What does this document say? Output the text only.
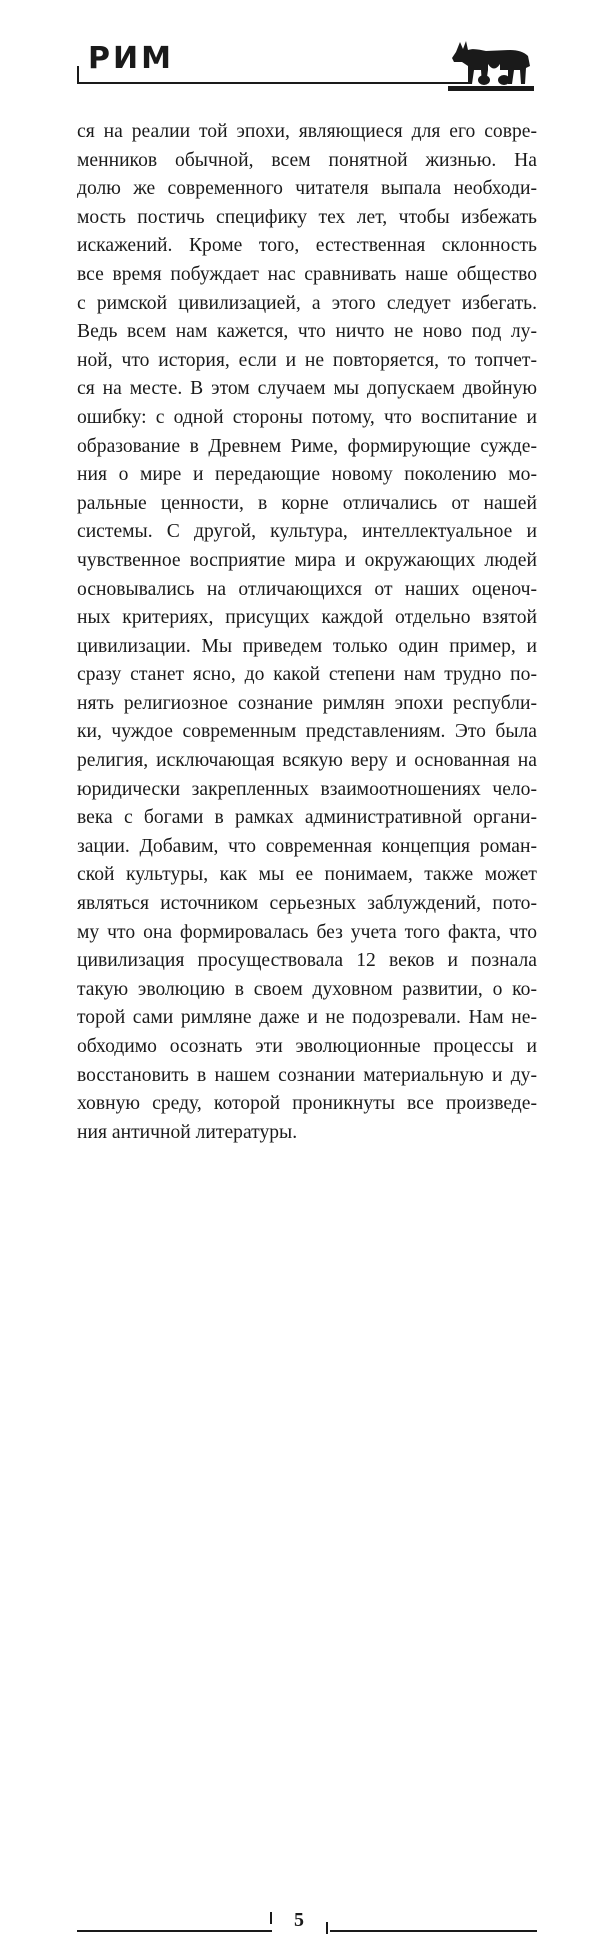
РИМ
ся на реалии той эпохи, являющиеся для его совре-
менников обычной, всем понятной жизнью. На
долю же современного читателя выпала необходи-
мость постичь специфику тех лет, чтобы избежать
искажений. Кроме того, естественная склонность
все время побуждает нас сравнивать наше общество
с римской цивилизацией, а этого следует избегать.
Ведь всем нам кажется, что ничто не ново под лу-
ной, что история, если и не повторяется, то топчет-
ся на месте. В этом случаем мы допускаем двойную
ошибку: с одной стороны потому, что воспитание и
образование в Древнем Риме, формирующие сужде-
ния о мире и передающие новому поколению мо-
ральные ценности, в корне отличались от нашей
системы. С другой, культура, интеллектуальное и
чувственное восприятие мира и окружающих людей
основывались на отличающихся от наших оценоч-
ных критериях, присущих каждой отдельно взятой
цивилизации. Мы приведем только один пример, и
сразу станет ясно, до какой степени нам трудно по-
нять религиозное сознание римлян эпохи республи-
ки, чуждое современным представлениям. Это была
религия, исключающая всякую веру и основанная на
юридически закрепленных взаимоотношениях чело-
века с богами в рамках административной органи-
зации. Добавим, что современная концепция роман-
ской культуры, как мы ее понимаем, также может
являться источником серьезных заблуждений, пото-
му что она формировалась без учета того факта, что
цивилизация просуществовала 12 веков и познала
такую эволюцию в своем духовном развитии, о ко-
торой сами римляне даже и не подозревали. Нам не-
обходимо осознать эти эволюционные процессы и
восстановить в нашем сознании материальную и ду-
ховную среду, которой проникнуты все произведе-
ния античной литературы.
5
